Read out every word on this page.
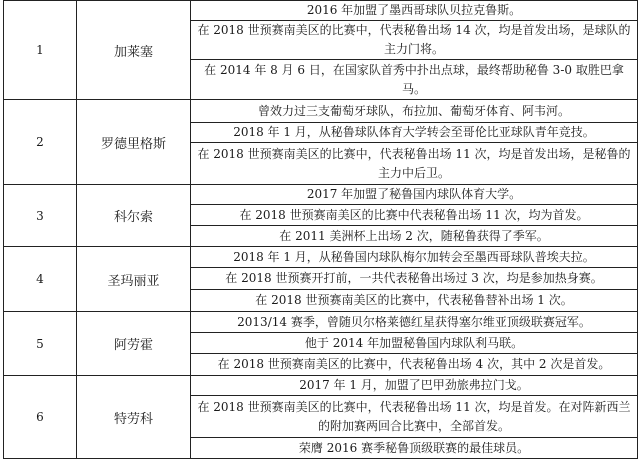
1	加莱塞	2016 年加盟了墨西哥球队贝拉克鲁斯。
		在 2018 世预赛南美区的比赛中，代表秘鲁出场 14 次，均是首发出场，是球队的主力门将。
		在 2014 年 8 月 6 日，在国家队首秀中扑出点球，最终帮助秘鲁 3-0 取胜巴拿马。
2	罗德里格斯	曾效力过三支葡萄牙球队，布拉加、葡萄牙体育、阿韦河。
		2018 年 1 月，从秘鲁球队体育大学转会至哥伦比亚球队青年竞技。
		在 2018 世预赛南美区的比赛中，代表秘鲁出场 11 次，均是首发出场，是秘鲁的主力中后卫。
3	科尔索	2017 年加盟了秘鲁国内球队体育大学。
		在 2018 世预赛南美区的比赛中代表秘鲁出场 11 次，均为首发。
		在 2011 美洲杯上出场 2 次，随秘鲁获得了季军。
4	圣玛丽亚	2018 年 1 月，从秘鲁国内球队梅尔加转会至墨西哥球队普埃夫拉。
		在 2018 世预赛开打前，一共代表秘鲁出场过 3 次，均是参加热身赛。
		在 2018 世预赛南美区的比赛中，代表秘鲁替补出场 1 次。
5	阿劳霍	2013/14 赛季，曾随贝尔格莱德红星获得塞尔维亚顶级联赛冠军。
		他于 2014 年加盟秘鲁国内球队利马联。
		在 2018 世预赛南美区的比赛中，代表秘鲁出场 4 次，其中 2 次是首发。
6	特劳科	2017 年 1 月，加盟了巴甲劲旅弗拉门戈。
		在 2018 世预赛南美区的比赛中，代表秘鲁出场 11 次，均是首发。在对阵新西兰的附加赛两回合比赛中，全部首发。
		荣膺 2016 赛季秘鲁顶级联赛的最佳球员。
